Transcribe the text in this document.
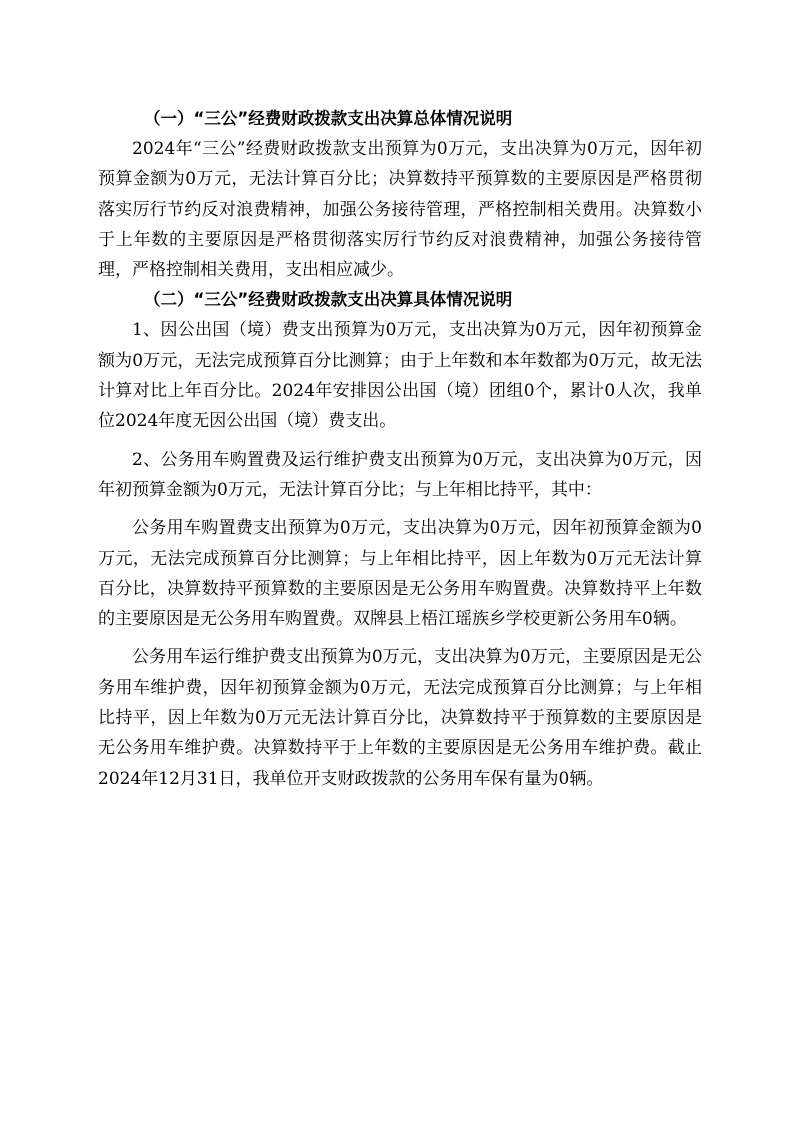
（一）“三公”经费财政拨款支出决算总体情况说明

2024年“三公”经费财政拨款支出预算为0万元，支出决算为0万元，因年初预算金额为0万元，无法计算百分比；决算数持平预算数的主要原因是严格贯彻落实厉行节约反对浪费精神，加强公务接待管理，严格控制相关费用。决算数小于上年数的主要原因是严格贯彻落实厉行节约反对浪费精神，加强公务接待管理，严格控制相关费用，支出相应减少。

（二）“三公”经费财政拨款支出决算具体情况说明

1、因公出国（境）费支出预算为0万元，支出决算为0万元，因年初预算金额为0万元，无法完成预算百分比测算；由于上年数和本年数都为0万元，故无法计算对比上年百分比。2024年安排因公出国（境）团组0个，累计0人次，我单位2024年度无因公出国（境）费支出。

2、公务用车购置费及运行维护费支出预算为0万元，支出决算为0万元，因年初预算金额为0万元，无法计算百分比；与上年相比持平，其中：

公务用车购置费支出预算为0万元，支出决算为0万元，因年初预算金额为0万元，无法完成预算百分比测算；与上年相比持平，因上年数为0万元无法计算百分比，决算数持平预算数的主要原因是无公务用车购置费。决算数持平上年数的主要原因是无公务用车购置费。双牌县上梧江瑶族乡学校更新公务用车0辆。

公务用车运行维护费支出预算为0万元，支出决算为0万元，主要原因是无公务用车维护费，因年初预算金额为0万元，无法完成预算百分比测算；与上年相比持平，因上年数为0万元无法计算百分比，决算数持平于预算数的主要原因是无公务用车维护费。决算数持平于上年数的主要原因是无公务用车维护费。截止2024年12月31日，我单位开支财政拨款的公务用车保有量为0辆。
